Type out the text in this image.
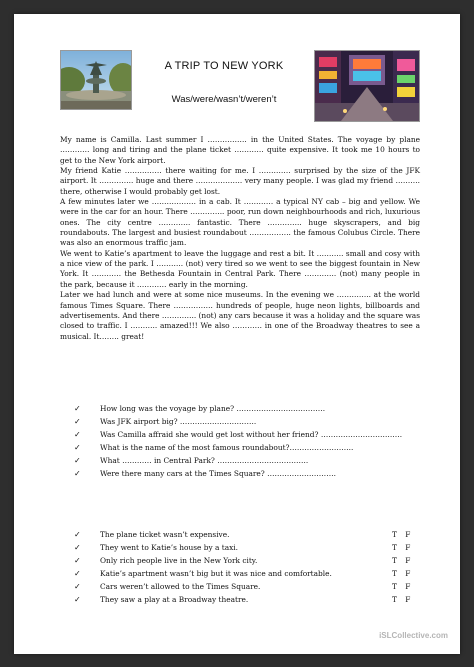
A TRIP TO NEW YORK
Was/were/wasn’t/weren’t

My name is Camilla. Last summer I ……………. in the United States. The voyage by plane ………… long and tiring and the plane ticket ………… quite expensive. It took me 10 hours to get to the New York airport.

My friend Katie …………… there waiting for me. I …………. surprised by the size of the JFK airport. It ………….. huge and there ………………. very many people. I was glad my friend ………. there, otherwise I would probably get lost.

A few minutes later we ……………… in a cab. It ………… a typical NY cab – big and yellow. We were in the car for an hour. There ………….. poor, run down neighbourhoods and rich, luxurious ones. The city centre …………. fantastic. There ………….. huge skyscrapers, and big roundabouts. The largest and busiest roundabout …………….. the famous Colubus Circle. There was also an enormous traffic jam.

We went to Katie’s apartment to leave the luggage and rest a bit. It ……….. small and cosy with a nice view of the park. I ……….. (not) very tired so we went to see the biggest fountain in New York. It ………… the Bethesda Fountain in Central Park. There …………. (not) many people in the park, because it ………… early in the morning.

Later we had lunch and were at some nice museums. In the evening we ………….. at the world famous Times Square. There ……………. hundreds of people, huge neon lights, billboards and advertisements. And there ………….. (not) any cars because it was a holiday and the square was closed to traffic. I ……….. amazed!!! We also ………… in one of the Broadway theatres to see a musical. It…….. great!

✓	How long was the voyage by plane? ………………………………
✓	Was JFK airport big? ………………………….
✓	Was Camilla affraid she would get lost without her friend? ……………………………
✓	What is the name of the most famous roundabout?……………………..
✓	What ………… in Central Park? ……………………………….
✓	Were there many cars at the Times Square? ……………………….
✓	The plane ticket wasn’t expensive.	T F
✓	They went to Katie’s house by a taxi.	T F
✓	Only rich people live in the New York city.	T F
✓	Katie’s apartment wasn’t big but it was nice and comfortable.	T F
✓	Cars weren’t allowed to the Times Square.	T F
✓	They saw a play at a Broadway theatre.	T F
iSLCollective.com
